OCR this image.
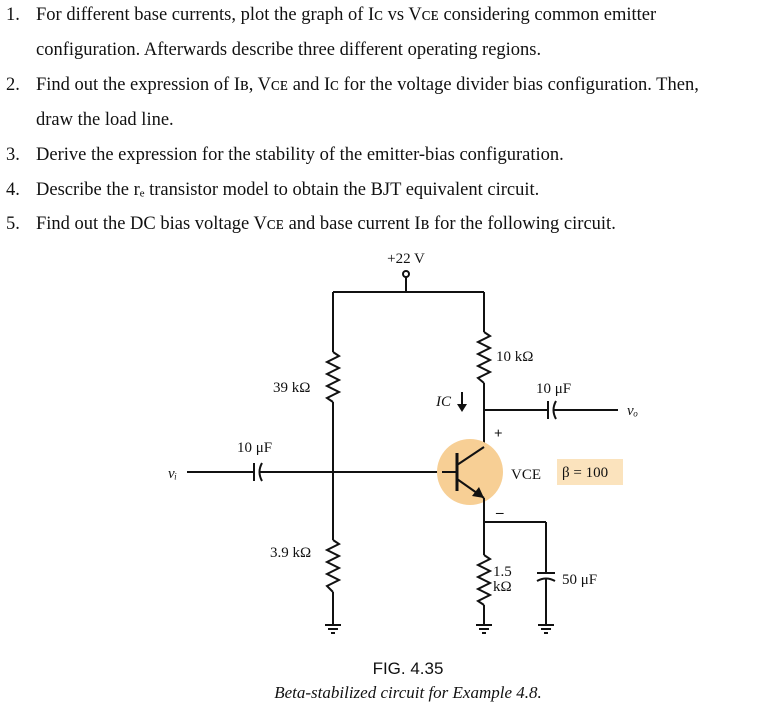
1. For different base currents, plot the graph of Iᴄ vs Vᴄᴇ considering common emitter
configuration. Afterwards describe three different operating regions.
2. Find out the expression of Iʙ, Vᴄᴇ and Iᴄ for the voltage divider bias configuration. Then,
draw the load line.
3. Derive the expression for the stability of the emitter-bias configuration.
4. Describe the rₑ transistor model to obtain the BJT equivalent circuit.
5. Find out the DC bias voltage Vᴄᴇ and base current Iʙ for the following circuit.
+22 V
10 kΩ
39 kΩ
3.9 kΩ
10 μF
10 μF
50 μF
1.5
kΩ
β = 100
VCE
IC
vᵢ
vₒ
+
–
FIG. 4.35
Beta-stabilized circuit for Example 4.8.
